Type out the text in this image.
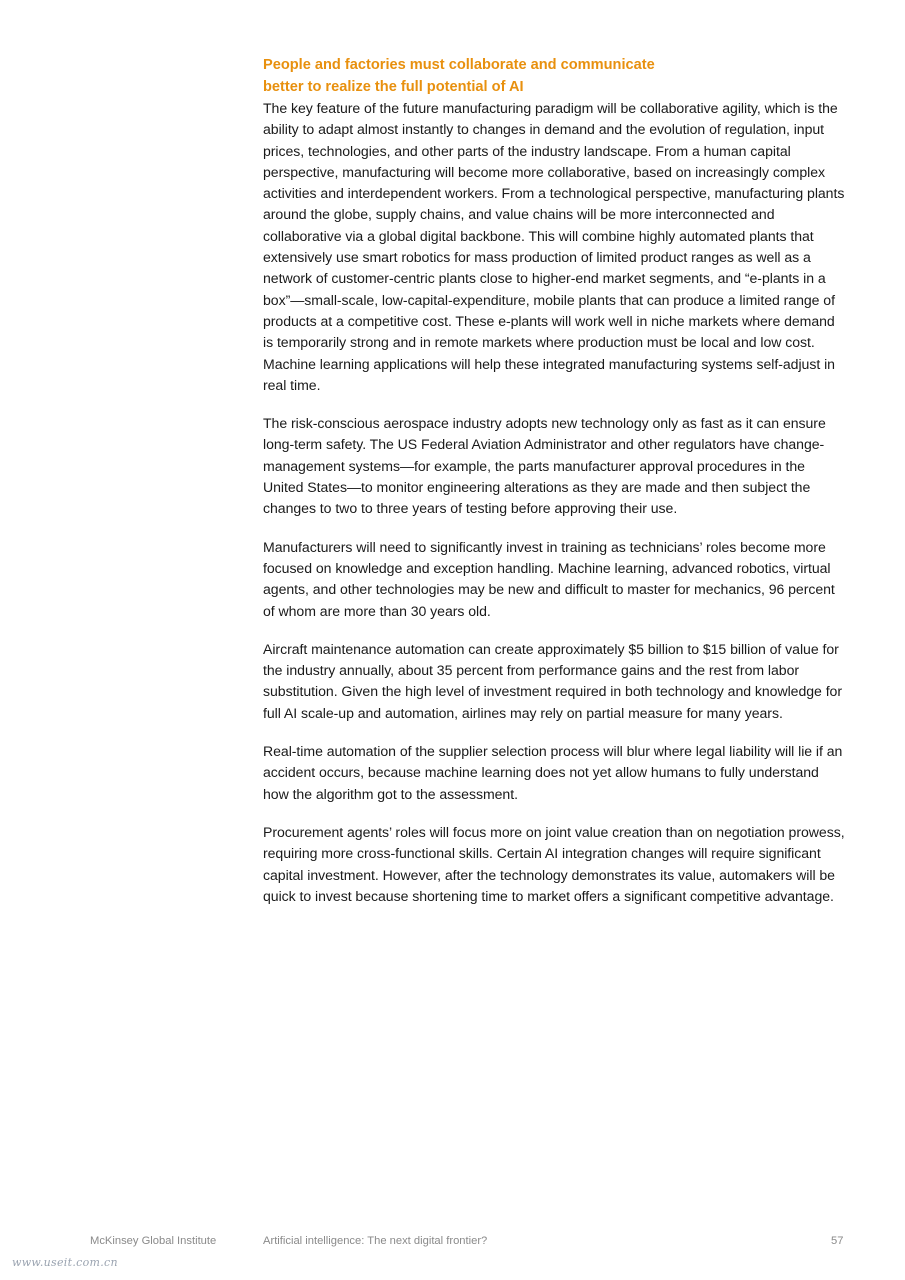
People and factories must collaborate and communicate
better to realize the full potential of AI

The key feature of the future manufacturing paradigm will be collaborative agility, which is the ability to adapt almost instantly to changes in demand and the evolution of regulation, input prices, technologies, and other parts of the industry landscape. From a human capital perspective, manufacturing will become more collaborative, based on increasingly complex activities and interdependent workers. From a technological perspective, manufacturing plants around the globe, supply chains, and value chains will be more interconnected and collaborative via a global digital backbone. This will combine highly automated plants that extensively use smart robotics for mass production of limited product ranges as well as a network of customer-centric plants close to higher-end market segments, and “e-plants in a box”—small-scale, low-capital-expenditure, mobile plants that can produce a limited range of products at a competitive cost. These e-plants will work well in niche markets where demand is temporarily strong and in remote markets where production must be local and low cost. Machine learning applications will help these integrated manufacturing systems self-adjust in real time.

The risk-conscious aerospace industry adopts new technology only as fast as it can ensure long-term safety. The US Federal Aviation Administrator and other regulators have change-management systems—for example, the parts manufacturer approval procedures in the United States—to monitor engineering alterations as they are made and then subject the changes to two to three years of testing before approving their use.

Manufacturers will need to significantly invest in training as technicians’ roles become more focused on knowledge and exception handling. Machine learning, advanced robotics, virtual agents, and other technologies may be new and difficult to master for mechanics, 96 percent of whom are more than 30 years old.

Aircraft maintenance automation can create approximately $5 billion to $15 billion of value for the industry annually, about 35 percent from performance gains and the rest from labor substitution. Given the high level of investment required in both technology and knowledge for full AI scale-up and automation, airlines may rely on partial measure for many years.

Real-time automation of the supplier selection process will blur where legal liability will lie if an accident occurs, because machine learning does not yet allow humans to fully understand how the algorithm got to the assessment.

Procurement agents’ roles will focus more on joint value creation than on negotiation prowess, requiring more cross-functional skills. Certain AI integration changes will require significant capital investment. However, after the technology demonstrates its value, automakers will be quick to invest because shortening time to market offers a significant competitive advantage.

McKinsey Global Institute	Artificial intelligence: The next digital frontier?	57
www.useit.com.cn
